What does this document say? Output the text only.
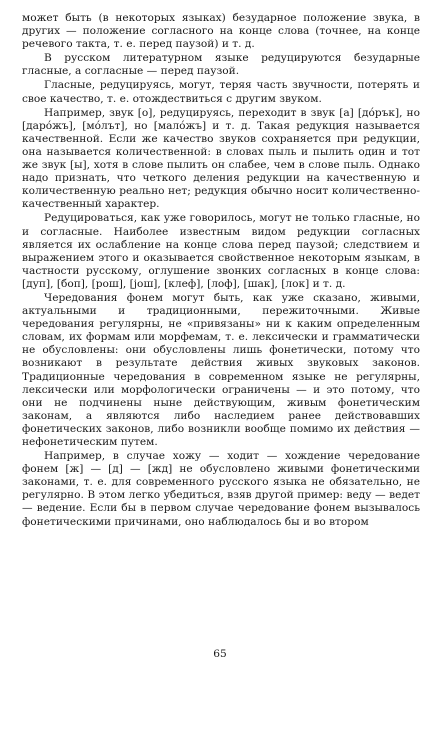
может быть (в некоторых языках) безударное положение звука, в других — положение согласного на конце слова (точнее, на конце речевого такта, т. е. перед паузой) и т. д.

В русском литературном языке редуцируются безударные гласные, а согласные — перед паузой.

Гласные, редуцируясь, могут, теряя часть звучности, потерять и свое качество, т. е. отождествиться с другим звуком.

Например, звук [о], редуцируясь, переходит в звук [а] [до́рък], но [даро́жъ], [мо́лът], но [мало́жъ] и т. д. Такая редукция называется качественной. Если же качество звуков сохраняется при редукции, она называется количественной: в словах пыль и пылить один и тот же звук [ы], хотя в слове пылить он слабее, чем в слове пыль. Однако надо признать, что четкого деления редукции на качественную и количественную реально нет; редукция обычно носит количественно-качественный характер.

Редуцироваться, как уже говорилось, могут не только гласные, но и согласные. Наиболее известным видом редукции согласных является их ослабление на конце слова перед паузой; следствием и выражением этого и оказывается свойственное некоторым языкам, в частности русскому, оглушение звонких согласных в конце слова: [дуп], [боп], [рош], [још], [клеф], [лоф], [шак], [лок] и т. д.

Чередования фонем могут быть, как уже сказано, живыми, актуальными и традиционными, пережиточными. Живые чередования регулярны, не «привязаны» ни к каким определенным словам, их формам или морфемам, т. е. лексически и грамматически не обусловлены: они обусловлены лишь фонетически, потому что возникают в результате действия живых звуковых законов. Традиционные чередования в современном языке не регулярны, лексически или морфологически ограничены — и это потому, что они не подчинены ныне действующим, живым фонетическим законам, а являются либо наследием ранее действовавших фонетических законов, либо возникли вообще помимо их действия — нефонетическим путем.

Например, в случае хожу — ходит — хождение чередование фонем [ж] — [д] — [жд] не обусловлено живыми фонетическими законами, т. е. для современного русского языка не обязательно, не регулярно. В этом легко убедиться, взяв другой пример: веду — ведет — ведение. Если бы в первом случае чередование фонем вызывалось фонетическими причинами, оно наблюдалось бы и во втором

65
